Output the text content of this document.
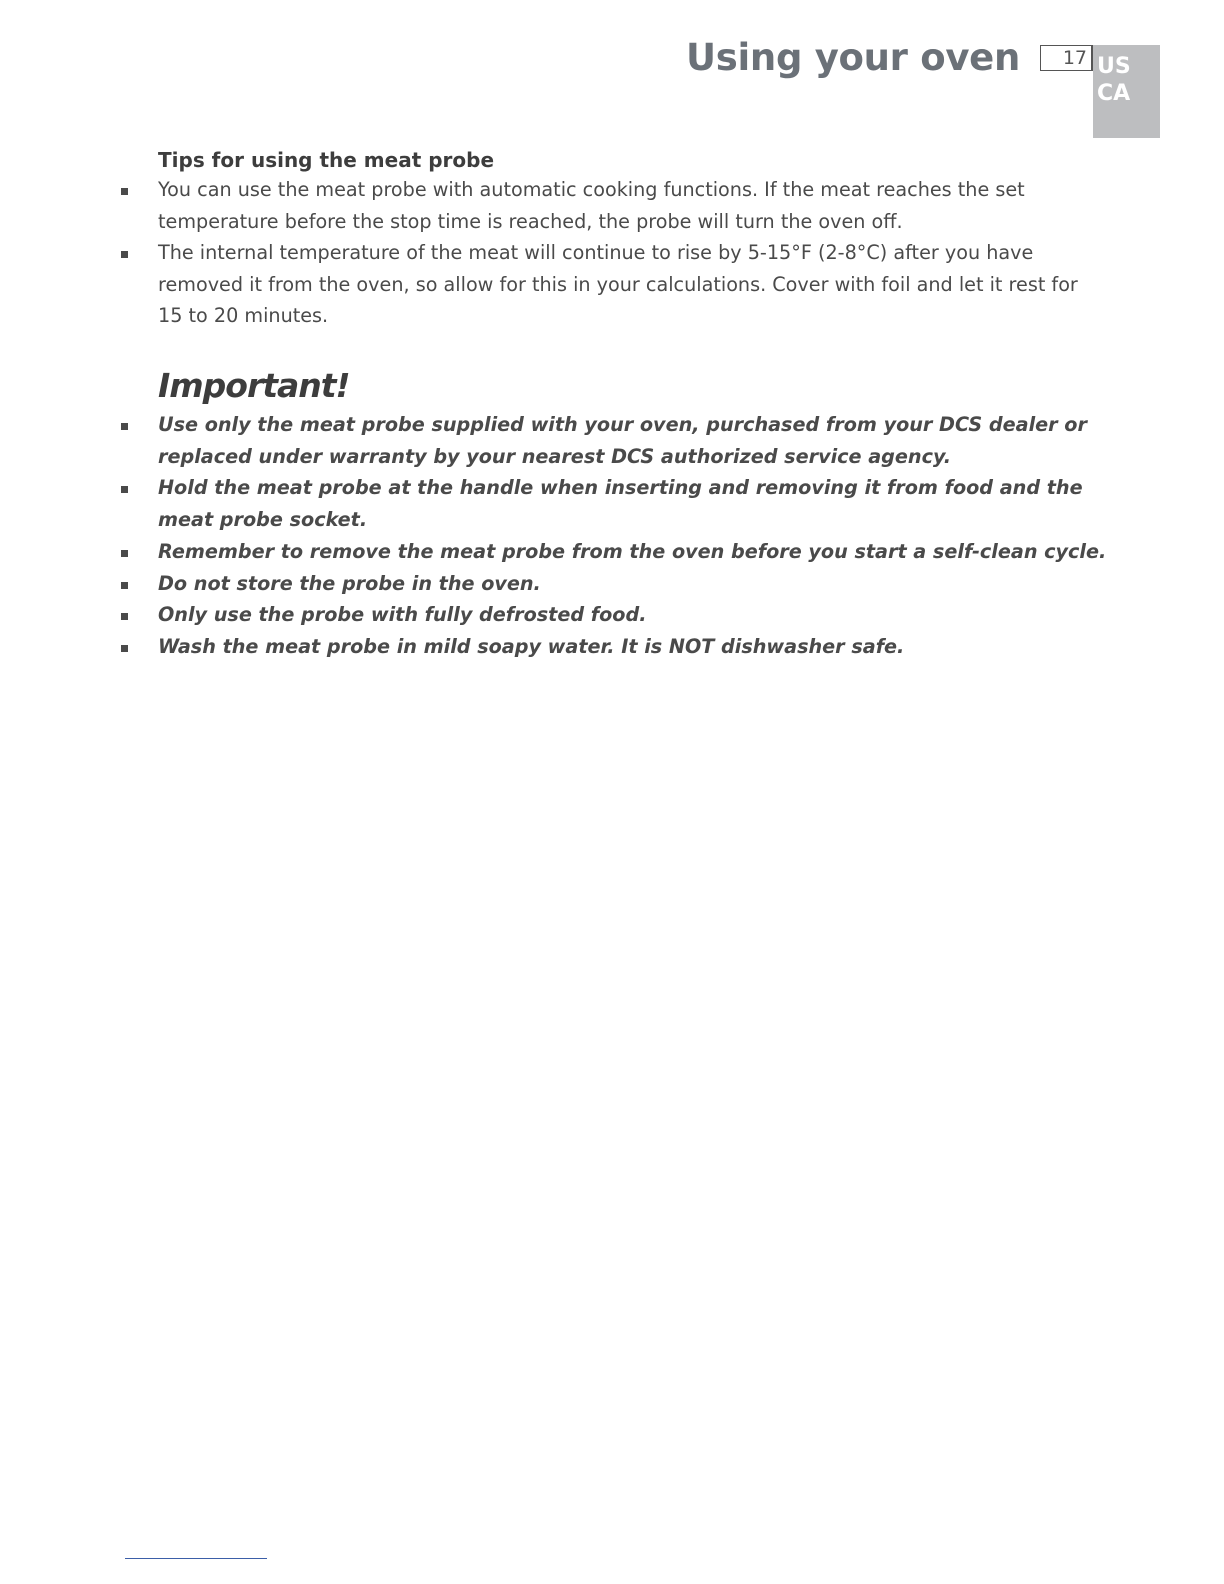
Using your oven	17 US
CA
Tips for using the meat probe
You can use the meat probe with automatic cooking functions. If the meat reaches the set temperature before the stop time is reached, the probe will turn the oven off.
The internal temperature of the meat will continue to rise by 5-15°F (2-8°C) after you have removed it from the oven, so allow for this in your calculations. Cover with foil and let it rest for 15 to 20 minutes.
Important!
Use only the meat probe supplied with your oven, purchased from your DCS dealer or replaced under warranty by your nearest DCS authorized service agency.
Hold the meat probe at the handle when inserting and removing it from food and the meat probe socket.
Remember to remove the meat probe from the oven before you start a self-clean cycle.
Do not store the probe in the oven.
Only use the probe with fully defrosted food.
Wash the meat probe in mild soapy water. It is NOT dishwasher safe.
